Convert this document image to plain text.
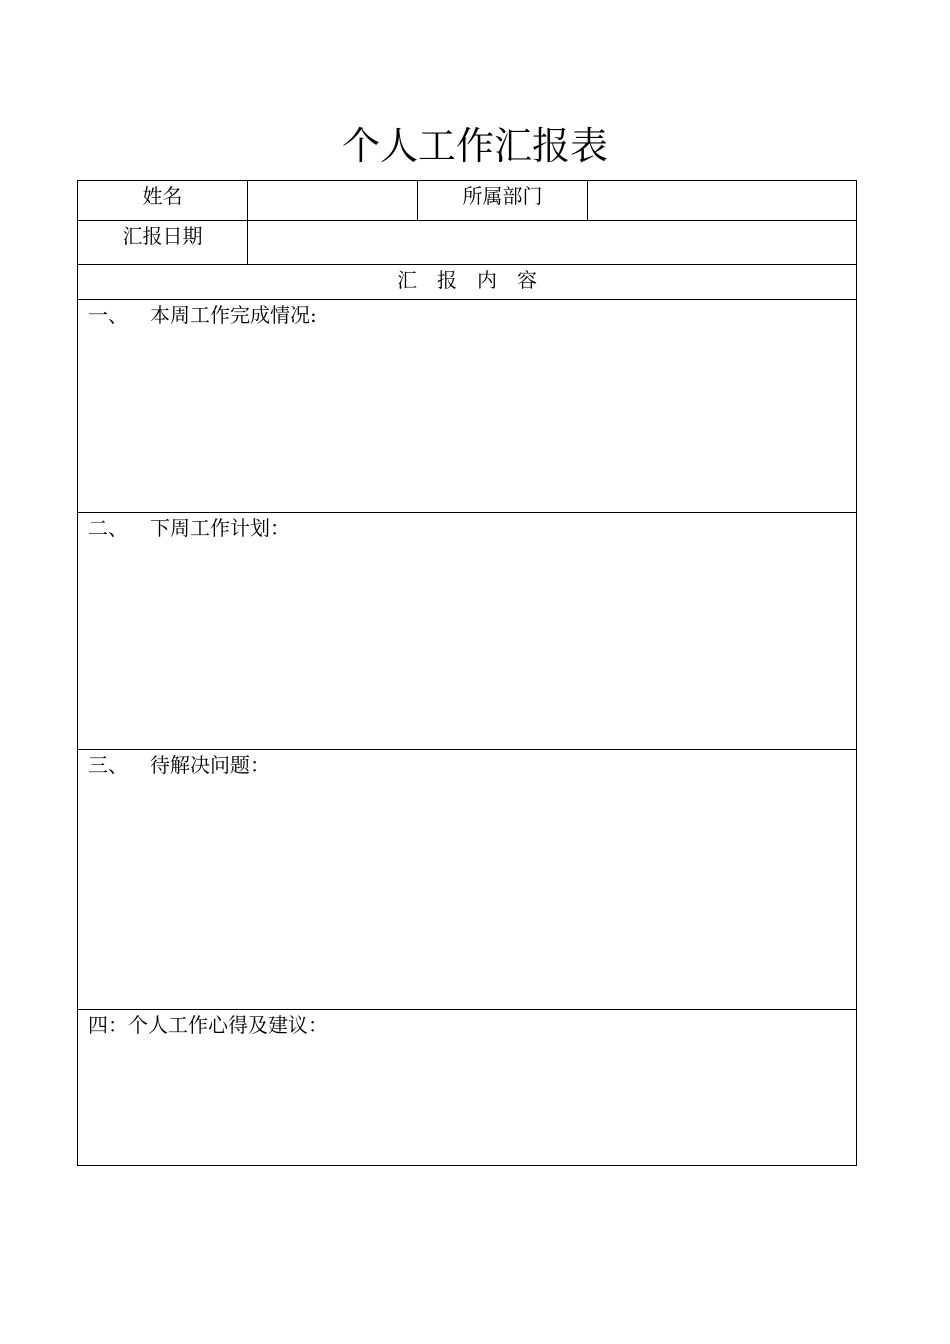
个人工作汇报表
姓名		所属部门	
汇报日期			
汇　报　内　容			
一、 本周工作完成情况:			
二、 下周工作计划：			
三、 待解决问题：			
四：个人工作心得及建议：			
